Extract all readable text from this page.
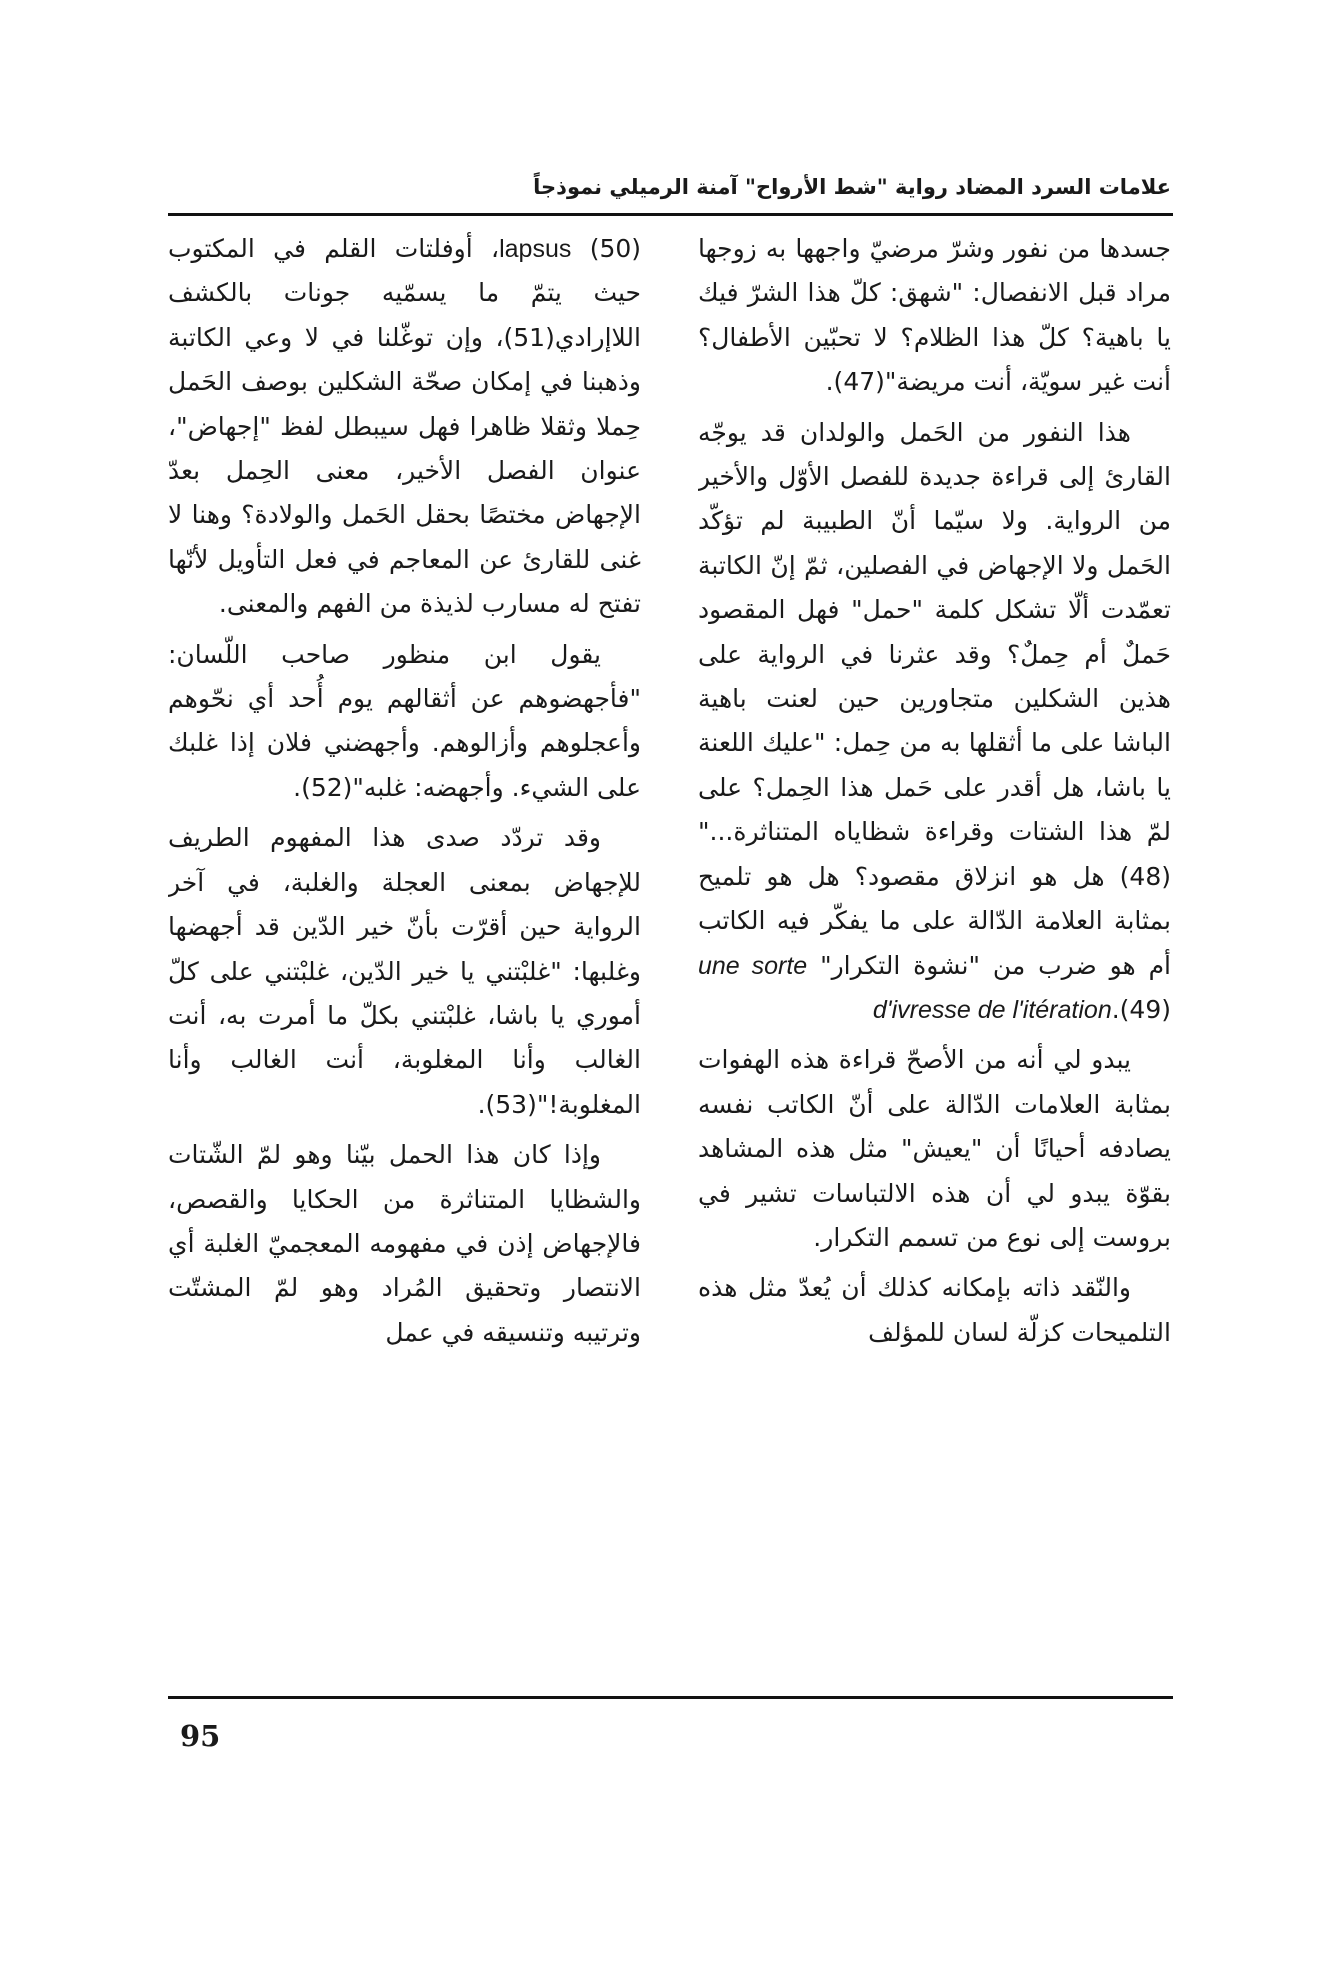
علامات السرد المضاد رواية "شط الأرواح" آمنة الرميلي نموذجاً

جسدها من نفور وشرّ مرضيّ واجهها به زوجها مراد قبل الانفصال: "شهق: كلّ هذا الشرّ فيك يا باهية؟ كلّ هذا الظلام؟ لا تحبّين الأطفال؟ أنت غير سويّة، أنت مريضة"(47).

هذا النفور من الحَمل والولدان قد يوجّه القارئ إلى قراءة جديدة للفصل الأوّل والأخير من الرواية. ولا سيّما أنّ الطبيبة لم تؤكّد الحَمل ولا الإجهاض في الفصلين، ثمّ إنّ الكاتبة تعمّدت ألّا تشكل كلمة "حمل" فهل المقصود حَملٌ أم حِملٌ؟ وقد عثرنا في الرواية على هذين الشكلين متجاورين حين لعنت باهية الباشا على ما أثقلها به من حِمل: "عليك اللعنة يا باشا، هل أقدر على حَمل هذا الحِمل؟ على لمّ هذا الشتات وقراءة شظاياه المتناثرة..."(48) هل هو انزلاق مقصود؟ هل هو تلميح بمثابة العلامة الدّالة على ما يفكّر فيه الكاتب أم هو ضرب من "نشوة التكرار" une sorte d'ivresse de l'itération.(49)

يبدو لي أنه من الأصحّ قراءة هذه الهفوات بمثابة العلامات الدّالة على أنّ الكاتب نفسه يصادفه أحيانًا أن "يعيش" مثل هذه المشاهد بقوّة يبدو لي أن هذه الالتباسات تشير في بروست إلى نوع من تسمم التكرار.

والنّقد ذاته بإمكانه كذلك أن يُعدّ مثل هذه التلميحات كزلّة لسان للمؤلف

lapsus (50)، أوفلتات القلم في المكتوب حيث يتمّ ما يسمّيه جونات بالكشف اللاإرادي(51)، وإن توغّلنا في لا وعي الكاتبة وذهبنا في إمكان صحّة الشكلين بوصف الحَمل حِملا وثقلا ظاهرا فهل سيبطل لفظ "إجهاض"، عنوان الفصل الأخير، معنى الحِمل بعدّ الإجهاض مختصًا بحقل الحَمل والولادة؟ وهنا لا غنى للقارئ عن المعاجم في فعل التأويل لأنّها تفتح له مسارب لذيذة من الفهم والمعنى.

يقول ابن منظور صاحب اللّسان: "فأجهضوهم عن أثقالهم يوم أُحد أي نحّوهم وأعجلوهم وأزالوهم. وأجهضني فلان إذا غلبك على الشيء. وأجهضه: غلبه"(52).

وقد تردّد صدى هذا المفهوم الطريف للإجهاض بمعنى العجلة والغلبة، في آخر الرواية حين أقرّت بأنّ خير الدّين قد أجهضها وغلبها: "غلبْتني يا خير الدّين، غلبْتني على كلّ أموري يا باشا، غلبْتني بكلّ ما أمرت به، أنت الغالب وأنا المغلوبة، أنت الغالب وأنا المغلوبة!"(53).

وإذا كان هذا الحمل بيّنا وهو لمّ الشّتات والشظايا المتناثرة من الحكايا والقصص، فالإجهاض إذن في مفهومه المعجميّ الغلبة أي الانتصار وتحقيق المُراد وهو لمّ المشتّت وترتيبه وتنسيقه في عمل

95
